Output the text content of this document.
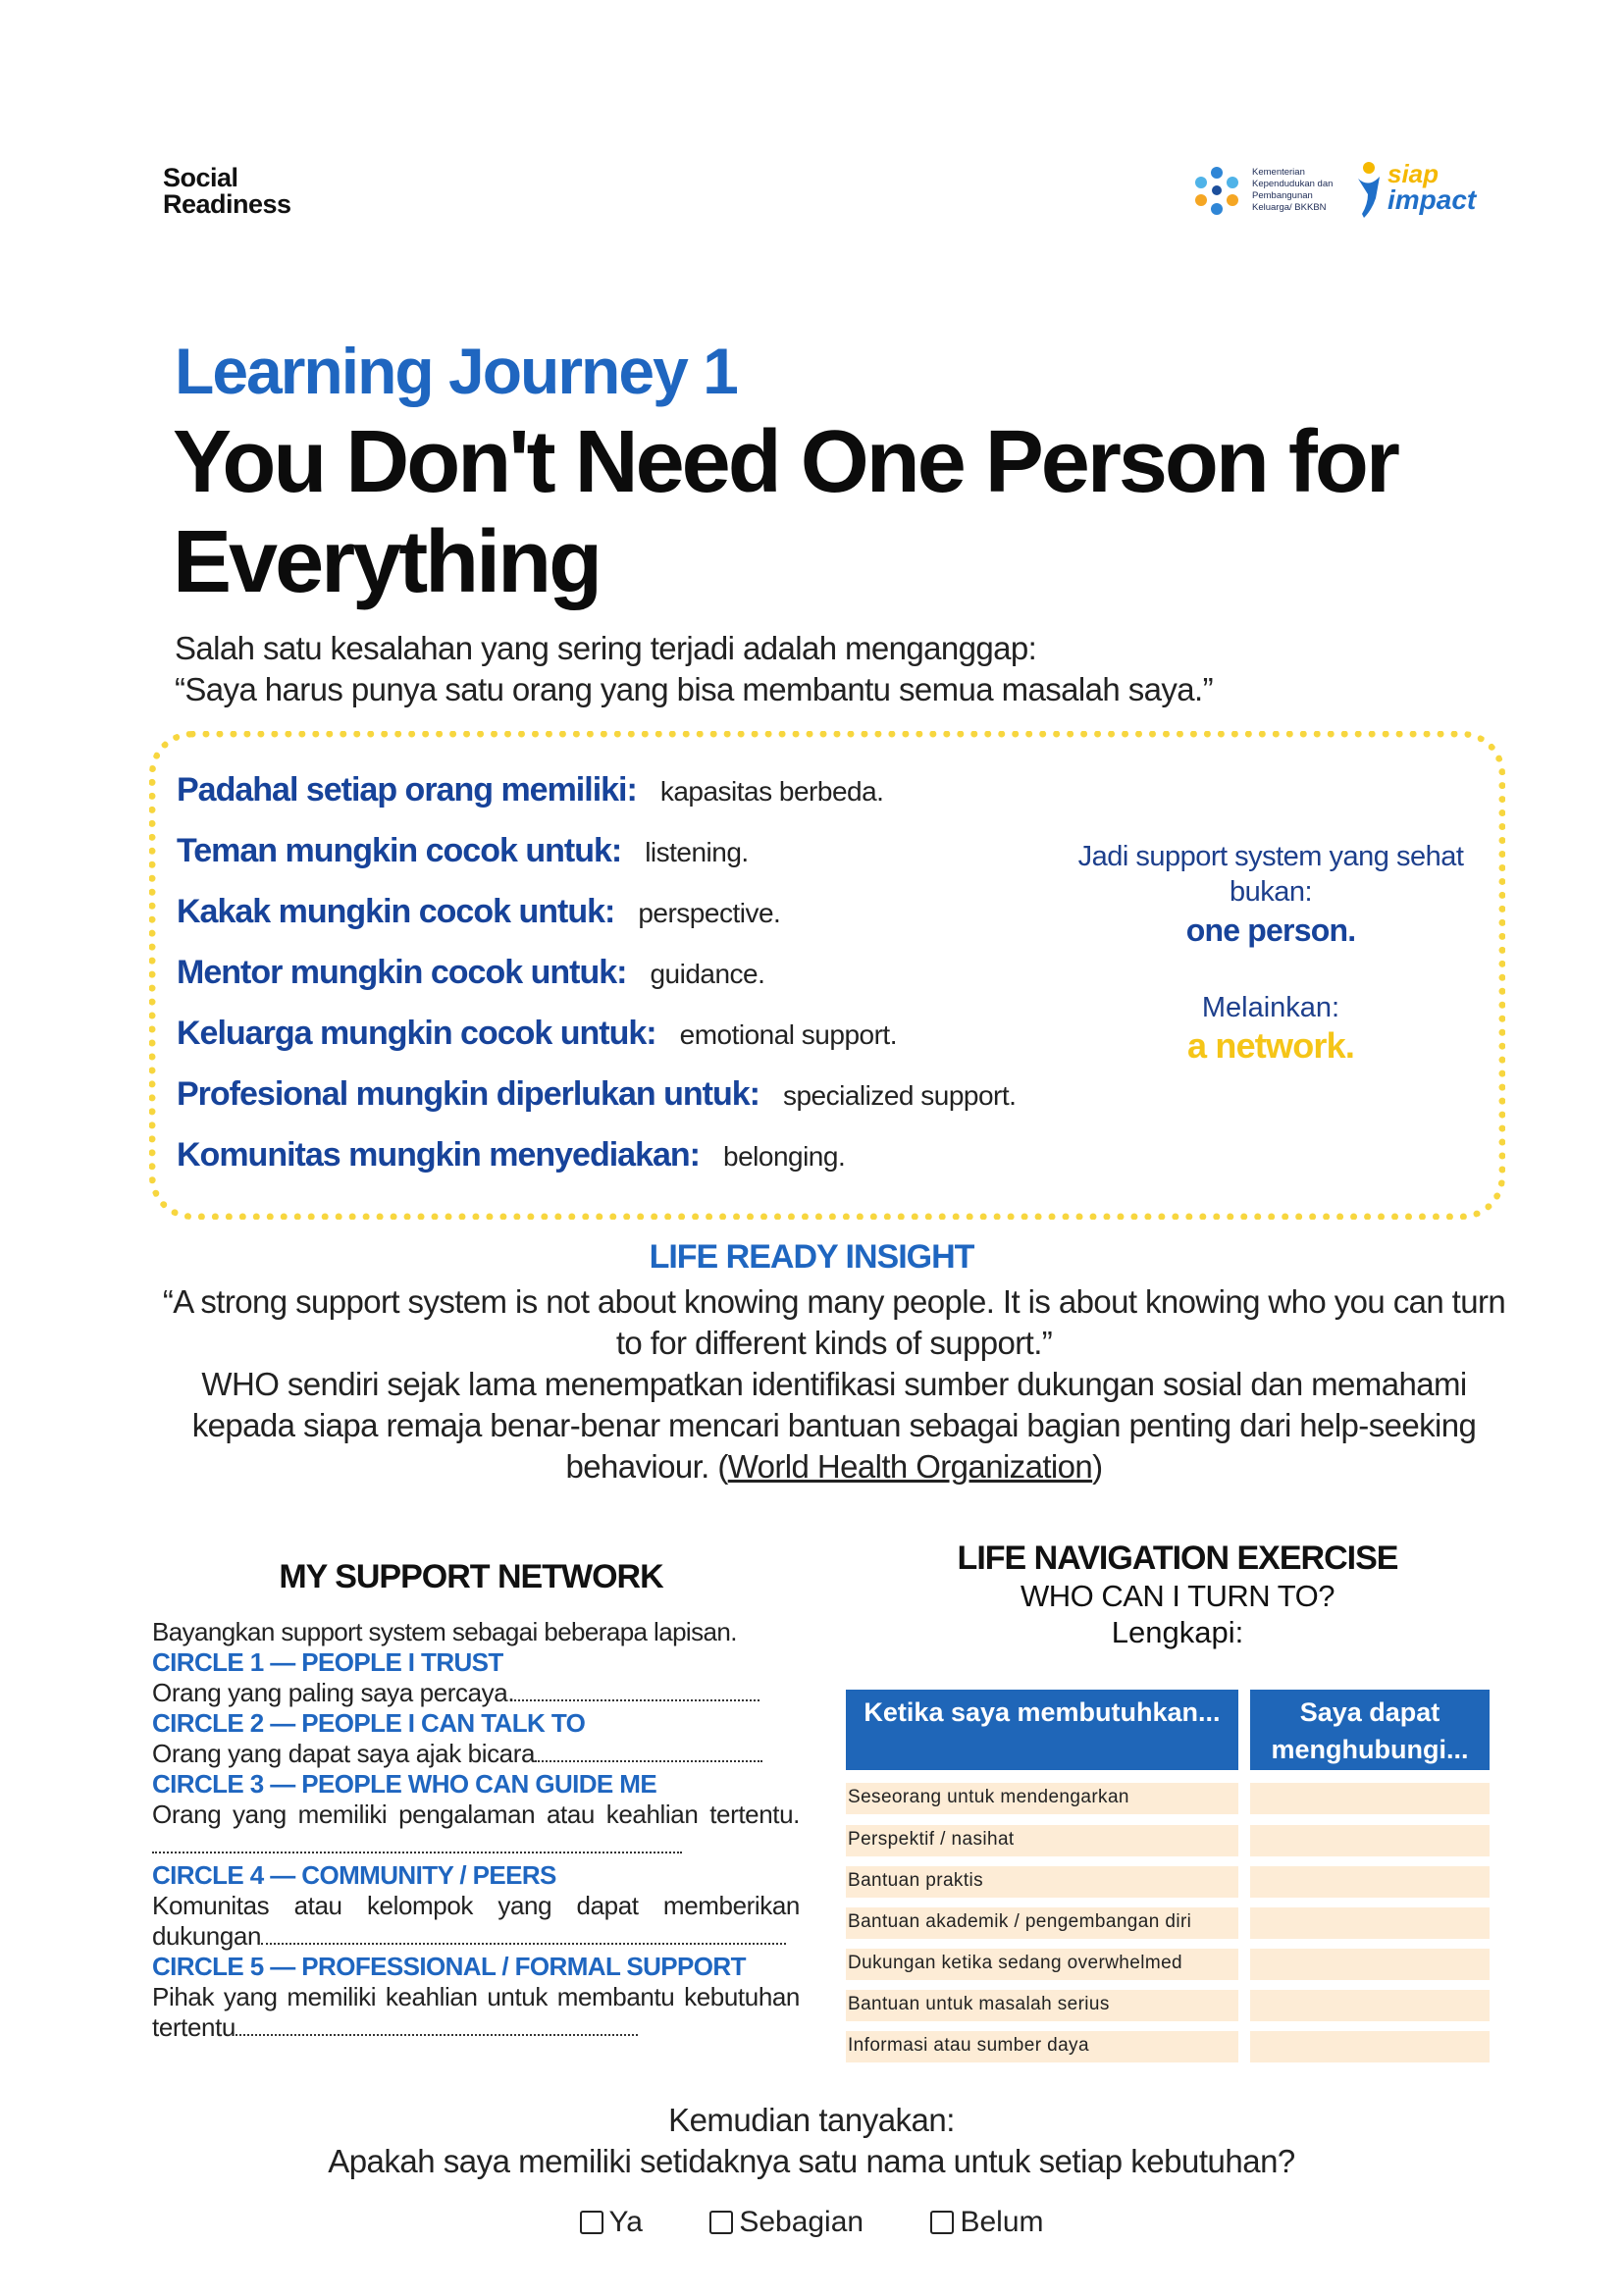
Social
Readiness
Kementerian Kependudukan dan Pembangunan Keluarga/ BKKBN
siap
impact
Learning Journey 1
You Don't Need One Person for Everything
Salah satu kesalahan yang sering terjadi adalah menganggap:
“Saya harus punya satu orang yang bisa membantu semua masalah saya.”
Padahal setiap orang memiliki: kapasitas berbeda.
Teman mungkin cocok untuk: listening.
Kakak mungkin cocok untuk: perspective.
Mentor mungkin cocok untuk: guidance.
Keluarga mungkin cocok untuk: emotional support.
Profesional mungkin diperlukan untuk: specialized support.
Komunitas mungkin menyediakan: belonging.
Jadi support system yang sehat bukan:
one person.
Melainkan:
a network.
LIFE READY INSIGHT
“A strong support system is not about knowing many people. It is about knowing who you can turn to for different kinds of support.”
WHO sendiri sejak lama menempatkan identifikasi sumber dukungan sosial dan memahami kepada siapa remaja benar-benar mencari bantuan sebagai bagian penting dari help-seeking behaviour. (World Health Organization)
MY SUPPORT NETWORK
Bayangkan support system sebagai beberapa lapisan.
CIRCLE 1 — PEOPLE I TRUST
Orang yang paling saya percaya.
CIRCLE 2 — PEOPLE I CAN TALK TO
Orang yang dapat saya ajak bicara
CIRCLE 3 — PEOPLE WHO CAN GUIDE ME
Orang yang memiliki pengalaman atau keahlian tertentu.
CIRCLE 4 — COMMUNITY / PEERS
Komunitas atau kelompok yang dapat memberikan dukungan
CIRCLE 5 — PROFESSIONAL / FORMAL SUPPORT
Pihak yang memiliki keahlian untuk membantu kebutuhan tertentu
LIFE NAVIGATION EXERCISE
WHO CAN I TURN TO?
Lengkapi:
Ketika saya membutuhkan...	Saya dapat menghubungi...
Seseorang untuk mendengarkan
Perspektif / nasihat
Bantuan praktis
Bantuan akademik / pengembangan diri
Dukungan ketika sedang overwhelmed
Bantuan untuk masalah serius
Informasi atau sumber daya
Kemudian tanyakan:
Apakah saya memiliki setidaknya satu nama untuk setiap kebutuhan?
Ya
	Sebagian
	Belum
